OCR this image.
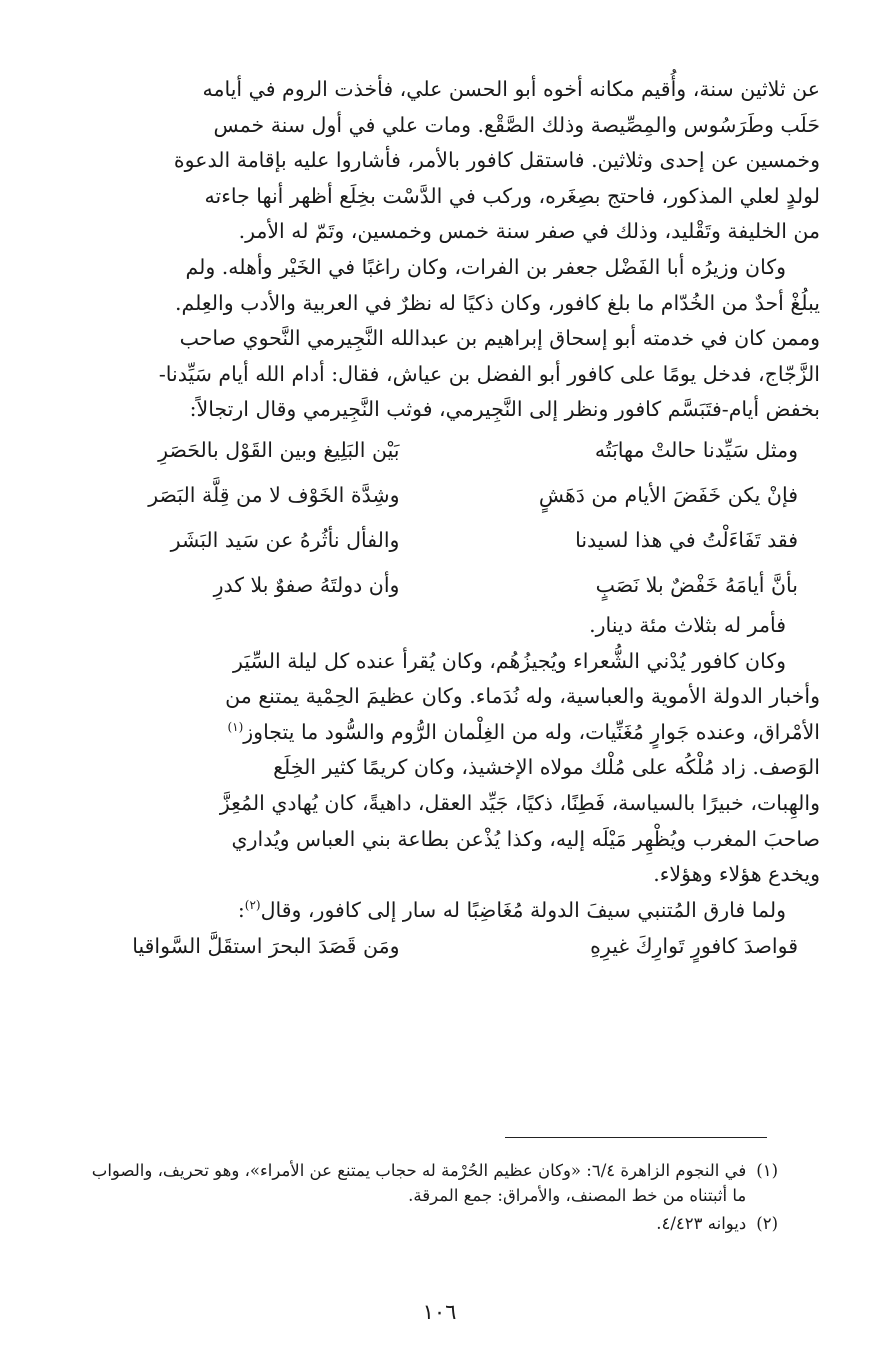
عن ثلاثين سنة، وأُقيم مكانه أخوه أبو الحسن علي، فأخذت الروم في أيامه
حَلَب وطَرَسُوس والمِصِّيصة وذلك الصَّقْع. ومات علي في أول سنة خمس
وخمسين عن إحدى وثلاثين. فاستقل كافور بالأمر، فأشاروا عليه بإقامة الدعوة
لولدٍ لعلي المذكور، فاحتج بصِغَره، وركب في الدَّسْت بخِلَع أظهر أنها جاءته
من الخليفة وتَقْليد، وذلك في صفر سنة خمس وخمسين، وتَمّ له الأمر.

وكان وزيرُه أبا الفَضْل جعفر بن الفرات، وكان راغبًا في الخَيْر وأهله. ولم

يبلُغْ أحدٌ من الخُدّام ما بلغ كافور، وكان ذكيًا له نظرٌ في العربية والأدب والعِلم.

وممن كان في خدمته أبو إسحاق إبراهيم بن عبدالله النَّجِيرمي النَّحوي صاحب
الزَّجّاج، فدخل يومًا على كافور أبو الفضل بن عياش، فقال: أدام الله أيام سَيِّدنا-
بخفض أيام-فتَبَسَّم كافور ونظر إلى النَّجِيرمي، فوثب النَّجِيرمي وقال ارتجالاً:

ومثل سَيِّدنا حالتْ مهابَتُه
بَيْن البَلِيغ وبين القَوْل بالحَصَرِ
فإنْ يكن خَفَضَ الأيام من دَهَشٍ
وشِدَّة الخَوْف لا من قِلَّة البَصَر
فقد تَفَاءَلْتُ في هذا لسيدنا
والفأل نأثُرهُ عن سَيد البَشَر
بأنَّ أيامَهُ خَفْضٌ بلا نَصَبٍ
وأن دولتَهُ صفوٌ بلا كدرِ

فأمر له بثلاث مئة دينار.

وكان كافور يُدْني الشُّعراء ويُجيزُهُم، وكان يُقرأ عنده كل ليلة السِّيَر
وأخبار الدولة الأموية والعباسية، وله نُدَماء. وكان عظيمَ الحِمْية يمتنع من
الأمْراق، وعنده جَوارٍ مُغَنِّيات، وله من الغِلْمان الرُّوم والسُّود ما يتجاوز$^{(١)}$
الوَصف. زاد مُلْكُه على مُلْك مولاه الإخشيذ، وكان كريمًا كثير الخِلَع
والهِبات، خبيرًا بالسياسة، فَطِنًا، ذكيًا، جَيِّد العقل، داهيةً، كان يُهادي المُعِزَّ
صاحبَ المغرب ويُظْهِر مَيْلَه إليه، وكذا يُذْعن بطاعة بني العباس ويُداري
ويخدع هؤلاء وهؤلاء.

ولما فارق المُتنبي سيفَ الدولة مُغَاضِبًا له سار إلى كافور، وقال$^{(٢)}$:

قواصدَ كافورٍ تَوارِكَ غيرِهِ
ومَن قَصَدَ البحرَ استقَلَّ السَّواقيا
(١)
في النجوم الزاهرة ٦/٤: «وكان عظيم الحُرْمة له حجاب يمتنع عن الأمراء»، وهو تحريف، والصواب ما أثبتناه من خط المصنف، والأمراق: جمع المرقة.
(٢)
ديوانه ٤/٤٢٣.
١٠٦
